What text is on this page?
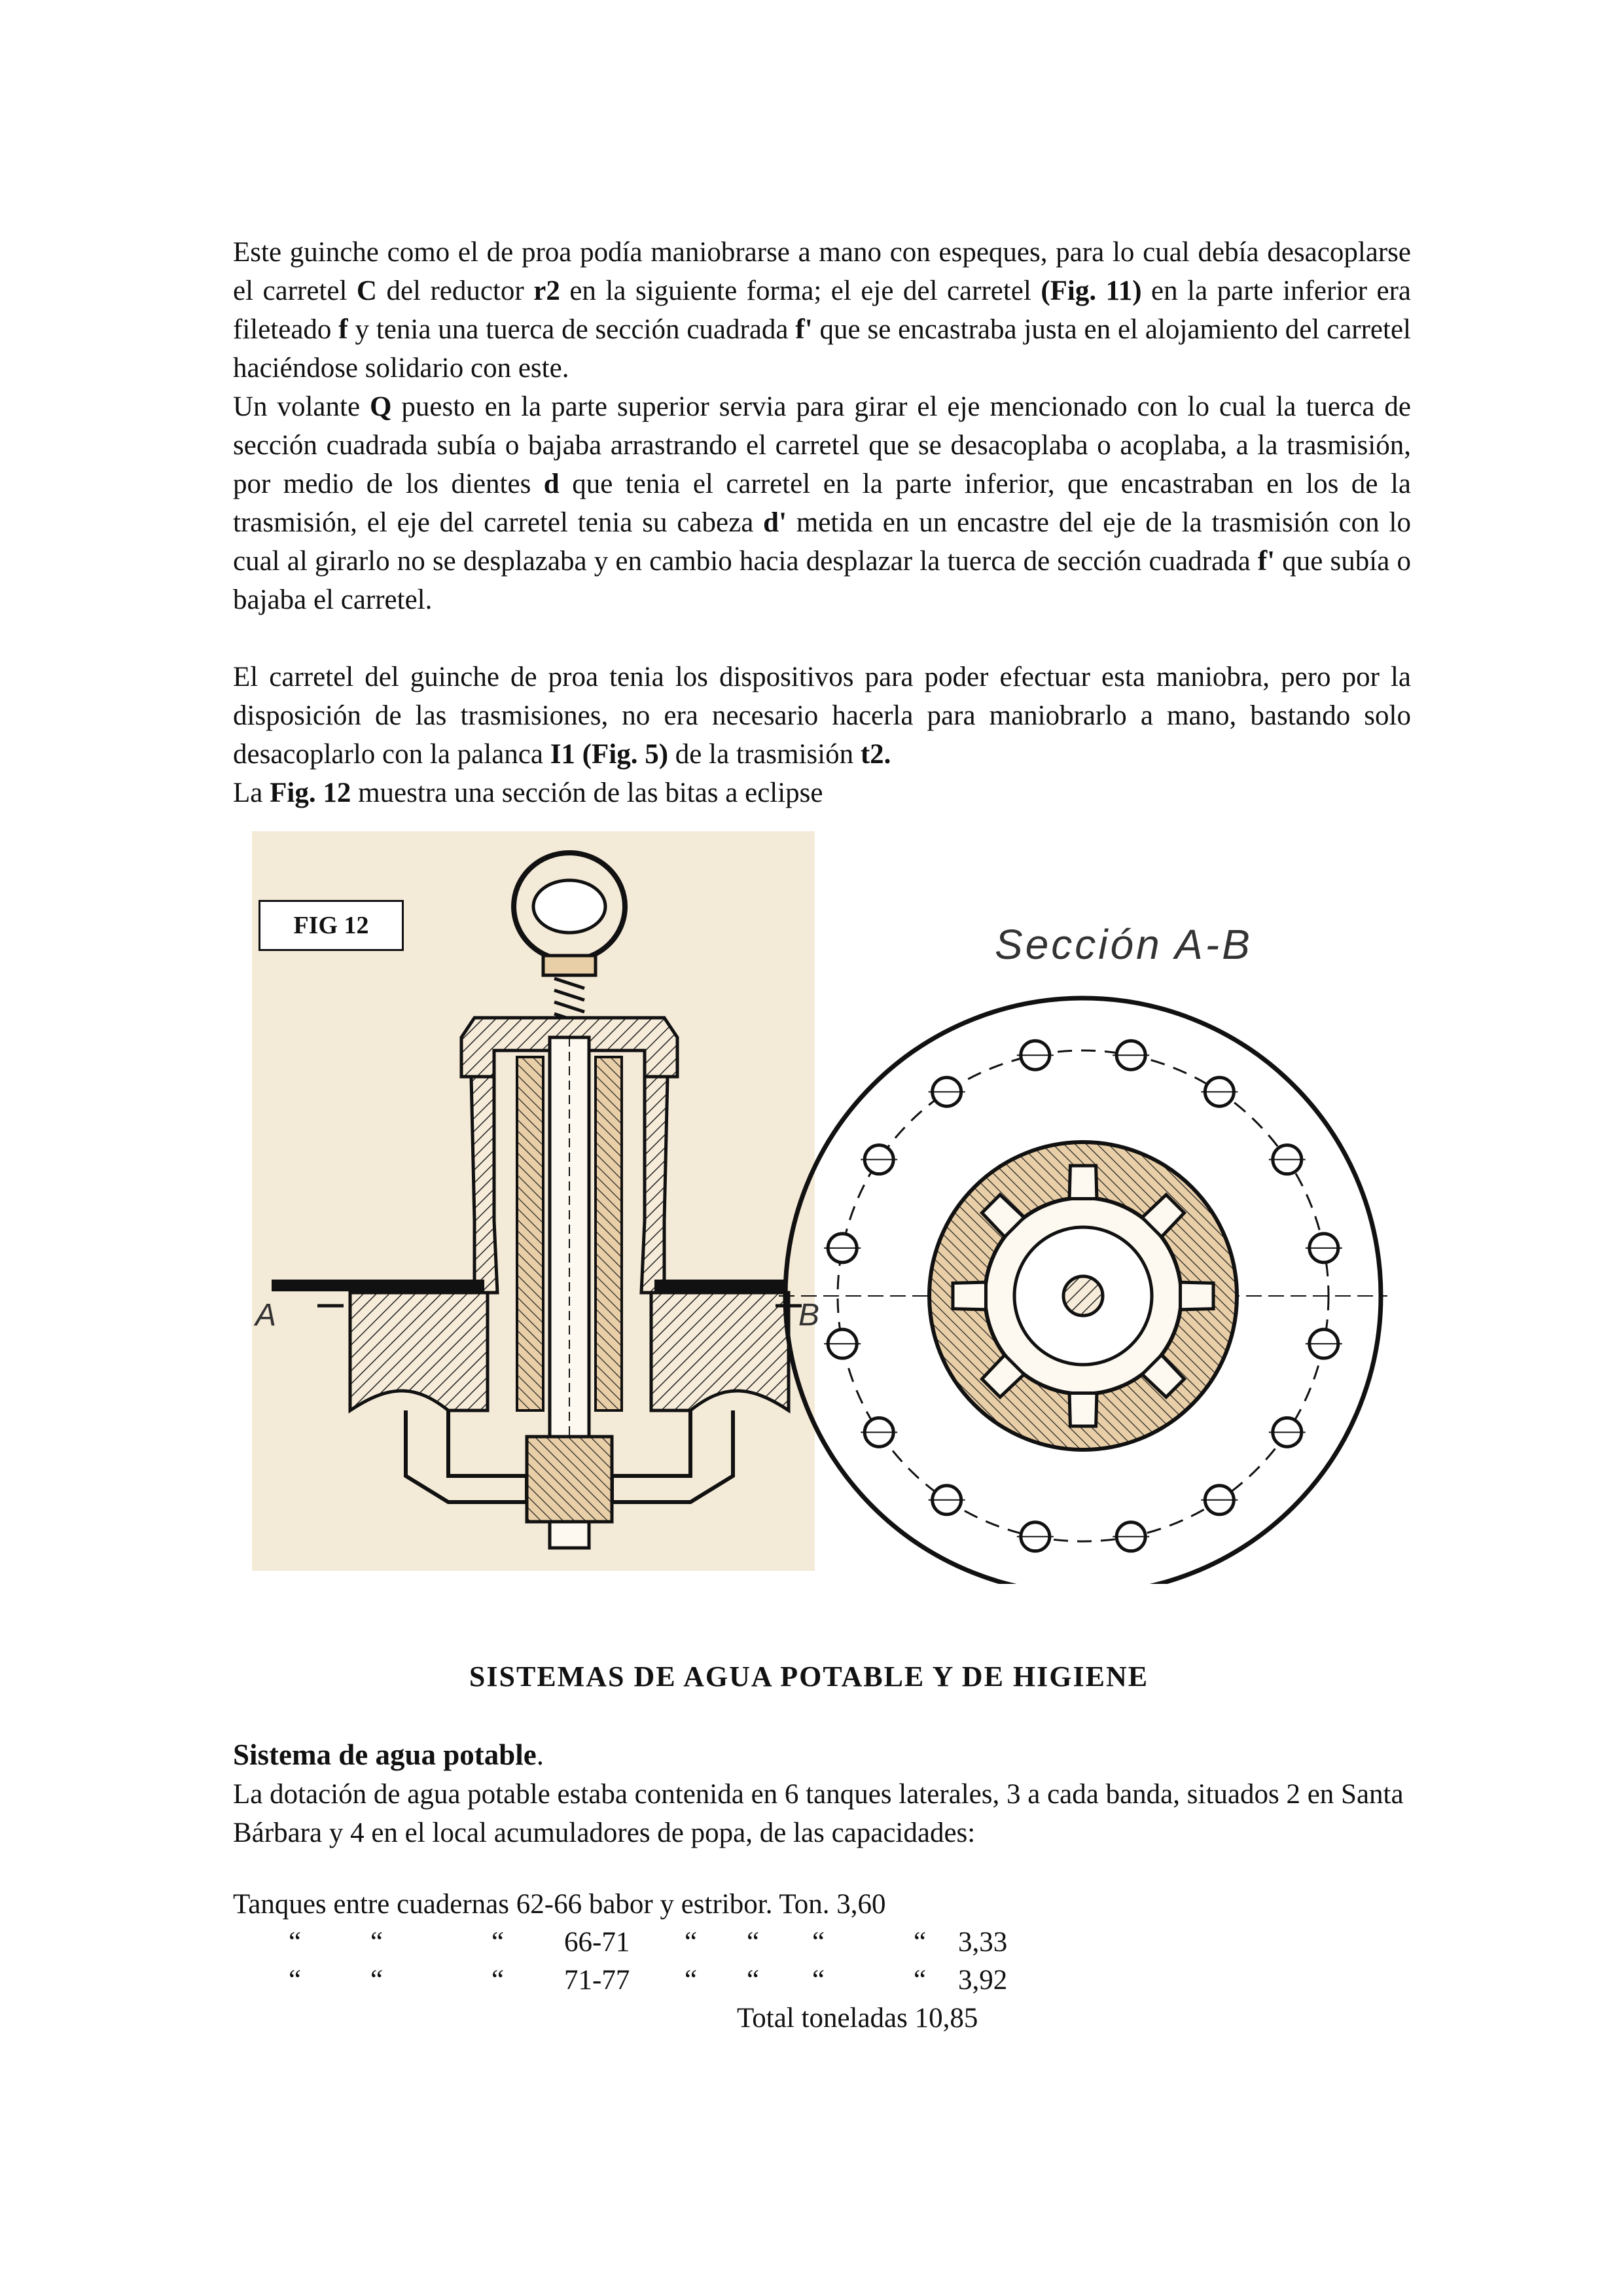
Este guinche como el de proa podía maniobrarse a mano con espeques, para lo cual debía desacoplarse el carretel C del reductor r2 en la siguiente forma; el eje del carretel (Fig. 11) en la parte inferior era fileteado f y tenia una tuerca de sección cuadrada f' que se encastraba justa en el alojamiento del carretel haciéndose solidario con este.

Un volante Q puesto en la parte superior servia para girar el eje mencionado con lo cual la tuerca de sección cuadrada subía o bajaba arrastrando el carretel que se desacoplaba o acoplaba, a la trasmisión, por medio de los dientes d que tenia el carretel en la parte inferior, que encastraban en los de la trasmisión, el eje del carretel tenia su cabeza d' metida en un encastre del eje de la trasmisión con lo cual al girarlo no se desplazaba y en cambio hacia desplazar la tuerca de sección cuadrada f' que subía o bajaba el carretel.

El carretel del guinche de proa tenia los dispositivos para poder efectuar esta maniobra, pero por la disposición de las trasmisiones, no era necesario hacerla para maniobrarlo a mano, bastando solo desacoplarlo con la palanca I1 (Fig. 5) de la trasmisión t2.

La Fig. 12 muestra una sección de las bitas a eclipse

A	B
Sección A-B
FIG 12
SISTEMAS DE AGUA POTABLE Y DE HIGIENE
Sistema de agua potable.

La dotación de agua potable estaba contenida en 6 tanques laterales, 3 a cada banda, situados 2 en Santa Bárbara y 4 en el local acumuladores de popa, de las capacidades:

Tanques entre cuadernas 62-66 babor y estribor. Ton. 3,60
“ “	“ 66-71 “ “ “	“ 3,33
“ “	“ 71-77 “ “ “	“ 3,92
Total toneladas 10,85
